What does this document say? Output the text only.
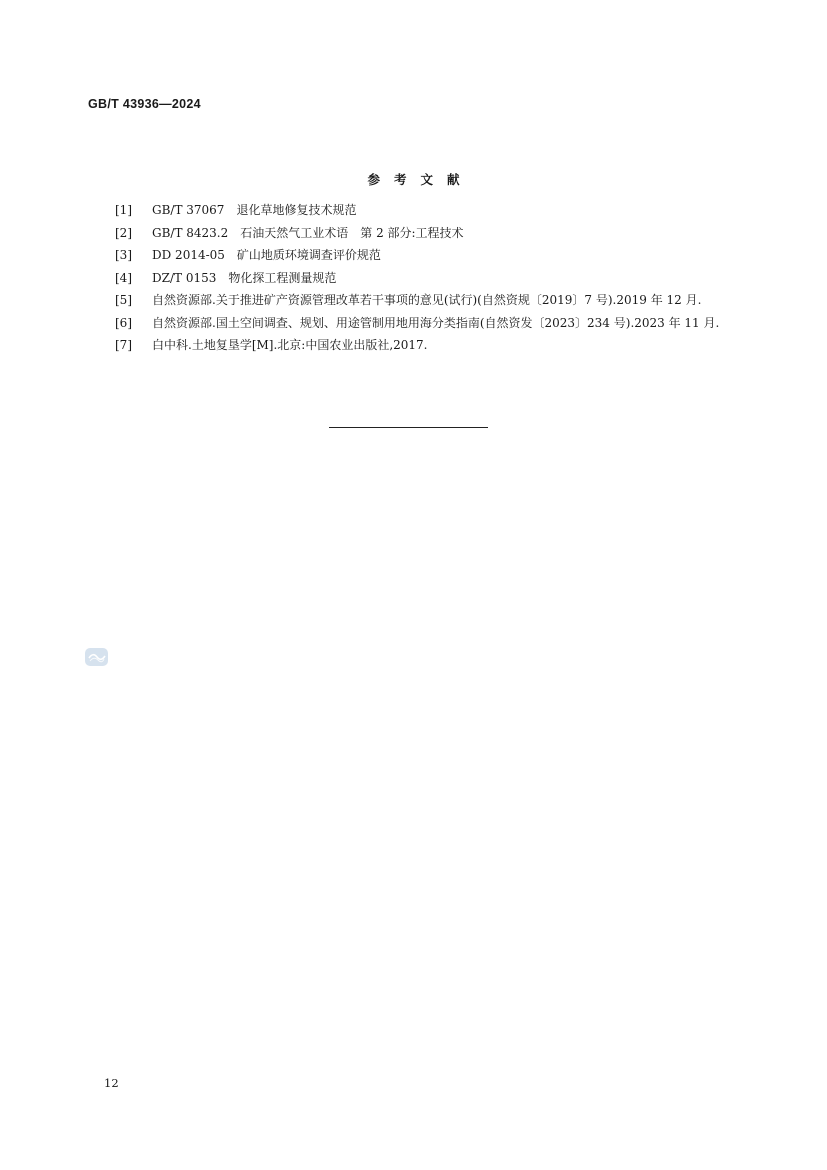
GB/T 43936—2024
参考文献
[1] GB/T 37067　退化草地修复技术规范
[2] GB/T 8423.2　石油天然气工业术语　第 2 部分:工程技术
[3] DD 2014-05　矿山地质环境调查评价规范
[4] DZ/T 0153　物化探工程测量规范
[5] 自然资源部.关于推进矿产资源管理改革若干事项的意见(试行)(自然资规〔2019〕7 号).2019 年 12 月.
[6] 自然资源部.国土空间调查、规划、用途管制用地用海分类指南(自然资发〔2023〕234 号).2023 年 11 月.
[7] 白中科.土地复垦学[M].北京:中国农业出版社,2017.
12
